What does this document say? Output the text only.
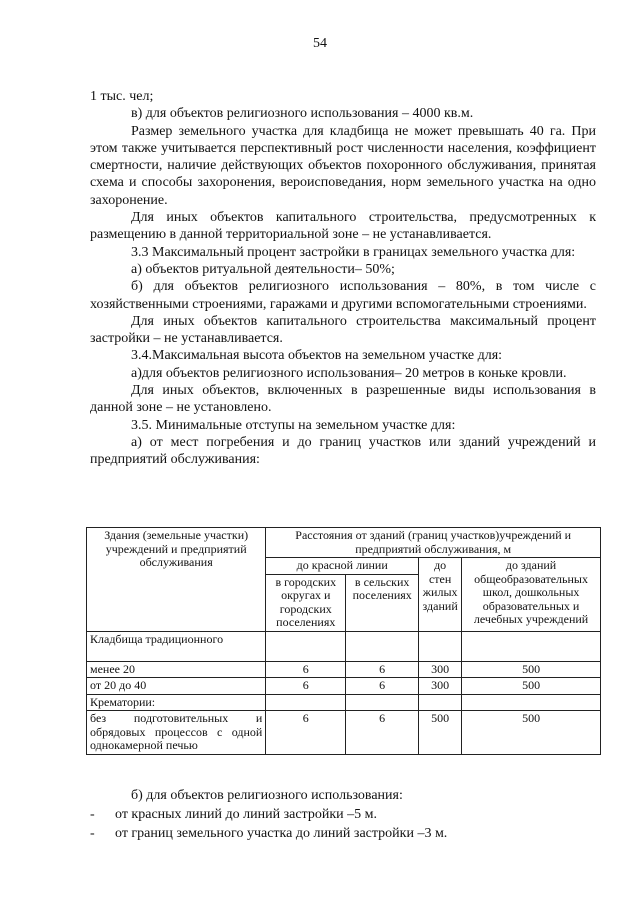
54

1 тыс. чел;

в) для объектов религиозного использования – 4000 кв.м.

Размер земельного участка для кладбища не может превышать 40 га. При этом также учитывается перспективный рост численности населения, коэффициент смертности, наличие действующих объектов похоронного обслуживания, принятая схема и способы захоронения, вероисповедания, норм земельного участка на одно захоронение.

Для иных объектов капитального строительства, предусмотренных к размещению в данной территориальной зоне – не устанавливается.

3.3 Максимальный процент застройки в границах земельного участка для:

а) объектов ритуальной деятельности– 50%;

б) для объектов религиозного использования – 80%, в том числе с хозяйственными строениями, гаражами и другими вспомогательными строениями.

Для иных объектов капитального строительства максимальный процент застройки – не устанавливается.

3.4.Максимальная высота объектов на земельном участке для:

а)для объектов религиозного использования– 20 метров в коньке кровли.

Для иных объектов, включенных в разрешенные виды использования в данной зоне – не установлено.

3.5. Минимальные отступы на земельном участке для:

а) от мест погребения и до границ участков или зданий учреждений и предприятий обслуживания:

Здания (земельные участки) учреждений и предприятий обслуживания	Расстояния от зданий (границ участков)учреждений и предприятий обслуживания, м			
	до красной линии		до стен жилых зданий	до зданий общеобразовательных школ, дошкольных образовательных и лечебных учреждений
	в городских округах и городских поселениях	в сельских поселениях		
Кладбища традиционного				
менее 20	6	6	300	500
от 20 до 40	6	6	300	500
Крематории:				
без подготовительных и обрядовых процессов с одной однокамерной печью	6	6	500	500

б) для объектов религиозного использования:

- от красных линий до линий застройки –5 м.

- от границ земельного участка до линий застройки –3 м.
